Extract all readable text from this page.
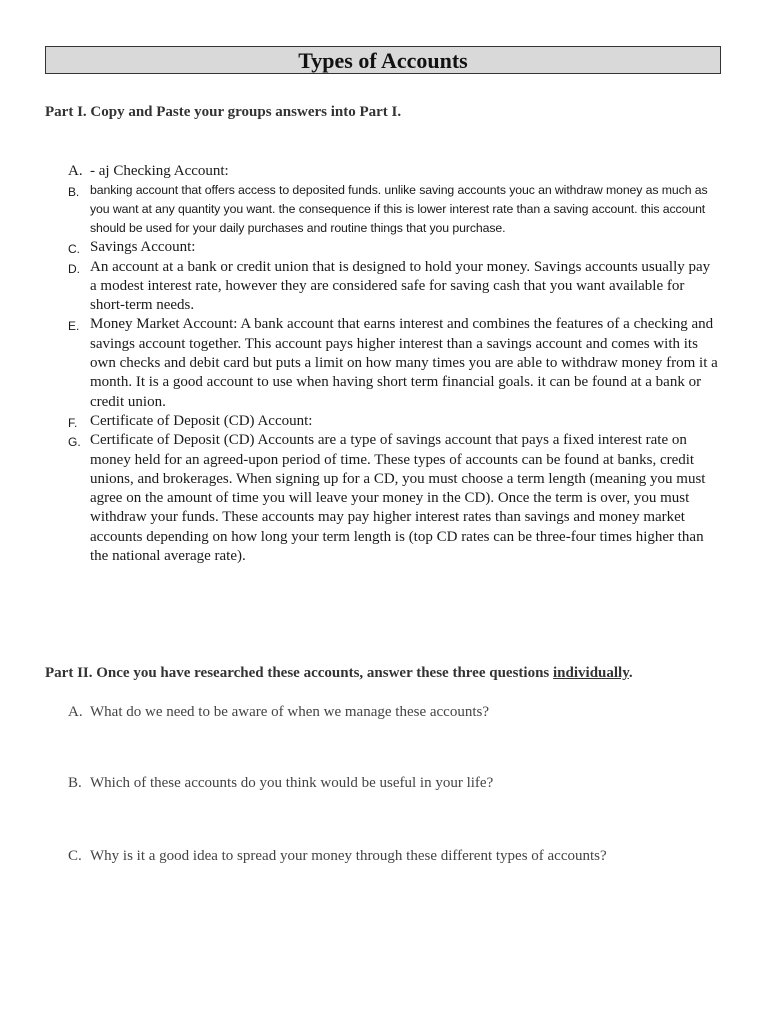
Types of Accounts
Part I. Copy and Paste your groups answers into Part I.
A. - aj Checking Account:
B. banking account that offers access to deposited funds. unlike saving accounts youc an withdraw money as much as you want at any quantity you want. the consequence if this is lower interest rate than a saving account. this account should be used for your daily purchases and routine things that you purchase.
C. Savings Account:
D. An account at a bank or credit union that is designed to hold your money. Savings accounts usually pay a modest interest rate, however they are considered safe for saving cash that you want available for short-term needs.
E. Money Market Account: A bank account that earns interest and combines the features of a checking and savings account together. This account pays higher interest than a savings account and comes with its own checks and debit card but puts a limit on how many times you are able to withdraw money from it a month. It is a good account to use when having short term financial goals. it can be found at a bank or credit union.
F. Certificate of Deposit (CD) Account:
G. Certificate of Deposit (CD) Accounts are a type of savings account that pays a fixed interest rate on money held for an agreed-upon period of time. These types of accounts can be found at banks, credit unions, and brokerages. When signing up for a CD, you must choose a term length (meaning you must agree on the amount of time you will leave your money in the CD). Once the term is over, you must withdraw your funds. These accounts may pay higher interest rates than savings and money market accounts depending on how long your term length is (top CD rates can be three-four times higher than the national average rate).
Part II. Once you have researched these accounts, answer these three questions individually.
A. What do we need to be aware of when we manage these accounts?
B. Which of these accounts do you think would be useful in your life?
C. Why is it a good idea to spread your money through these different types of accounts?
